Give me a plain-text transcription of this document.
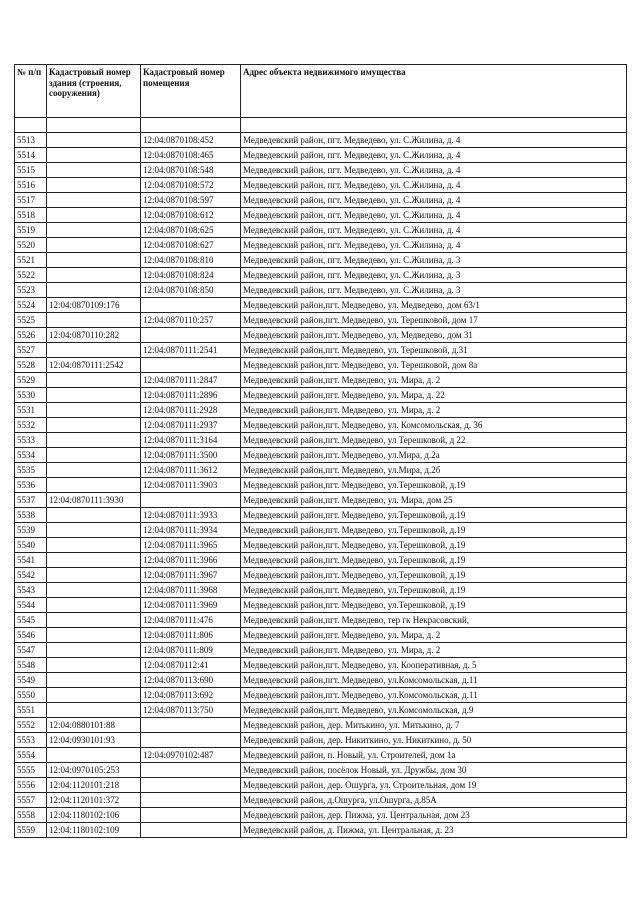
№ п/п	Кадастровый номер здания (строения, сооружения)	Кадастровый номер помещения	Адрес объекта недвижимого имущества

5513		12:04:0870108:452	Медведевский район, пгт. Медведево, ул. С.Жилина, д. 4
5514		12:04:0870108:465	Медведевский район, пгт. Медведево, ул. С.Жилина, д. 4
5515		12:04:0870108:548	Медведевский район, пгт. Медведево, ул. С.Жилина, д. 4
5516		12:04:0870108:572	Медведевский район, пгт. Медведево, ул. С.Жилина, д. 4
5517		12:04:0870108:597	Медведевский район, пгт. Медведево, ул. С.Жилина, д. 4
5518		12:04:0870108:612	Медведевский район, пгт. Медведево, ул. С.Жилина, д. 4
5519		12:04:0870108:625	Медведевский район, пгт. Медведево, ул. С.Жилина, д. 4
5520		12:04:0870108:627	Медведевский район, пгт. Медведево, ул. С.Жилина, д. 4
5521		12:04:0870108:810	Медведевский район, пгт. Медведево, ул. С.Жилина, д. 3
5522		12:04:0870108:824	Медведевский район, пгт. Медведево, ул. С.Жилина, д. 3
5523		12:04:0870108:850	Медведевский район, пгт. Медведево, ул. С.Жилина, д. 3
5524	12:04:0870109:176		Медведевский район,пгт. Медведево, ул. Медведево, дом 63/1
5525		12:04:0870110:257	Медведевский район,пгт. Медведево, ул. Терешковой, дом 17
5526	12:04:0870110:282		Медведевский район,пгт. Медведево, ул. Медведево, дом 31
5527		12:04:0870111:2541	Медведевский район,пгт. Медведево, ул. Терешковой, д.31
5528	12:04:0870111:2542		Медведевский район,пгт. Медведево, ул. Терешковой, дом 8а
5529		12:04:0870111:2847	Медведевский район,пгт. Медведево, ул. Мира, д. 2
5530		12:04:0870111:2896	Медведевский район,пгт. Медведево, ул. Мира, д. 22
5531		12:04:0870111:2928	Медведевский район,пгт. Медведево, ул. Мира, д. 2
5532		12:04:0870111:2937	Медведевский район,пгт. Медведево, ул. Комсомольская, д. 36
5533		12:04:0870111:3164	Медведевский район,пгт. Медведево, ул Терешковой, д 22
5534		12:04:0870111:3500	Медведевский район,пгт. Медведево, ул.Мира, д.2а
5535		12:04:0870111:3612	Медведевский район,пгт. Медведево, ул.Мира, д.2б
5536		12:04:0870111:3903	Медведевский район,пгт. Медведево, ул.Терешковой, д.19
5537	12:04:0870111:3930		Медведевский район,пгт. Медведево, ул. Мира, дом 25
5538		12:04:0870111:3933	Медведевский район,пгт. Медведево, ул.Терешковой, д.19
5539		12:04:0870111:3934	Медведевский район,пгт. Медведево, ул.Терешковой, д.19
5540		12:04:0870111:3965	Медведевский район,пгт. Медведево, ул.Терешковой, д.19
5541		12:04:0870111:3966	Медведевский район,пгт. Медведево, ул.Терешковой, д.19
5542		12:04:0870111:3967	Медведевский район,пгт. Медведево, ул.Терешковой, д.19
5543		12:04:0870111:3968	Медведевский район,пгт. Медведево, ул.Терешковой, д.19
5544		12:04:0870111:3969	Медведевский район,пгт. Медведево, ул.Терешковой, д.19
5545		12:04:0870111:476	Медведевский район,пгт. Медведево, тер гк Некрасовский,
5546		12:04:0870111:806	Медведевский район,пгт. Медведево, ул. Мира, д. 2
5547		12:04:0870111:809	Медведевский район,пгт. Медведево, ул. Мира, д. 2
5548		12:04:0870112:41	Медведевский район,пгт. Медведево, ул. Кооперативная, д. 5
5549		12:04:0870113:690	Медведевский район,пгт. Медведево, ул.Комсомольская, д.11
5550		12:04:0870113:692	Медведевский район,пгт. Медведево, ул.Комсомольская, д.11
5551		12:04:0870113:750	Медведевский район,пгт. Медведево, ул.Комсомольская, д.9
5552	12:04:0880101:88		Медведевский район, дер. Митькино, ул. Митькино, д. 7
5553	12:04:0930101:93		Медведевский район, дер. Никиткино, ул. Никиткино, д. 50
5554		12:04:0970102:487	Медведевский район, п. Новый, ул. Строителей, дом 1а
5555	12:04:0970105:253		Медведевский район, посёлок Новый, ул. Дружбы, дом 30
5556	12:04:1120101:218		Медведевский район, дер. Ошурга, ул. Строительная, дом 19
5557	12:04:1120101:372		Медведевский район, д.Ошурга, ул.Ошурга, д.85А
5558	12:04:1180102:106		Медведевский район, дер. Пижма, ул. Центральная, дом 23
5559	12:04:1180102:109		Медведевский район, д. Пижма, ул. Центральная, д. 23
